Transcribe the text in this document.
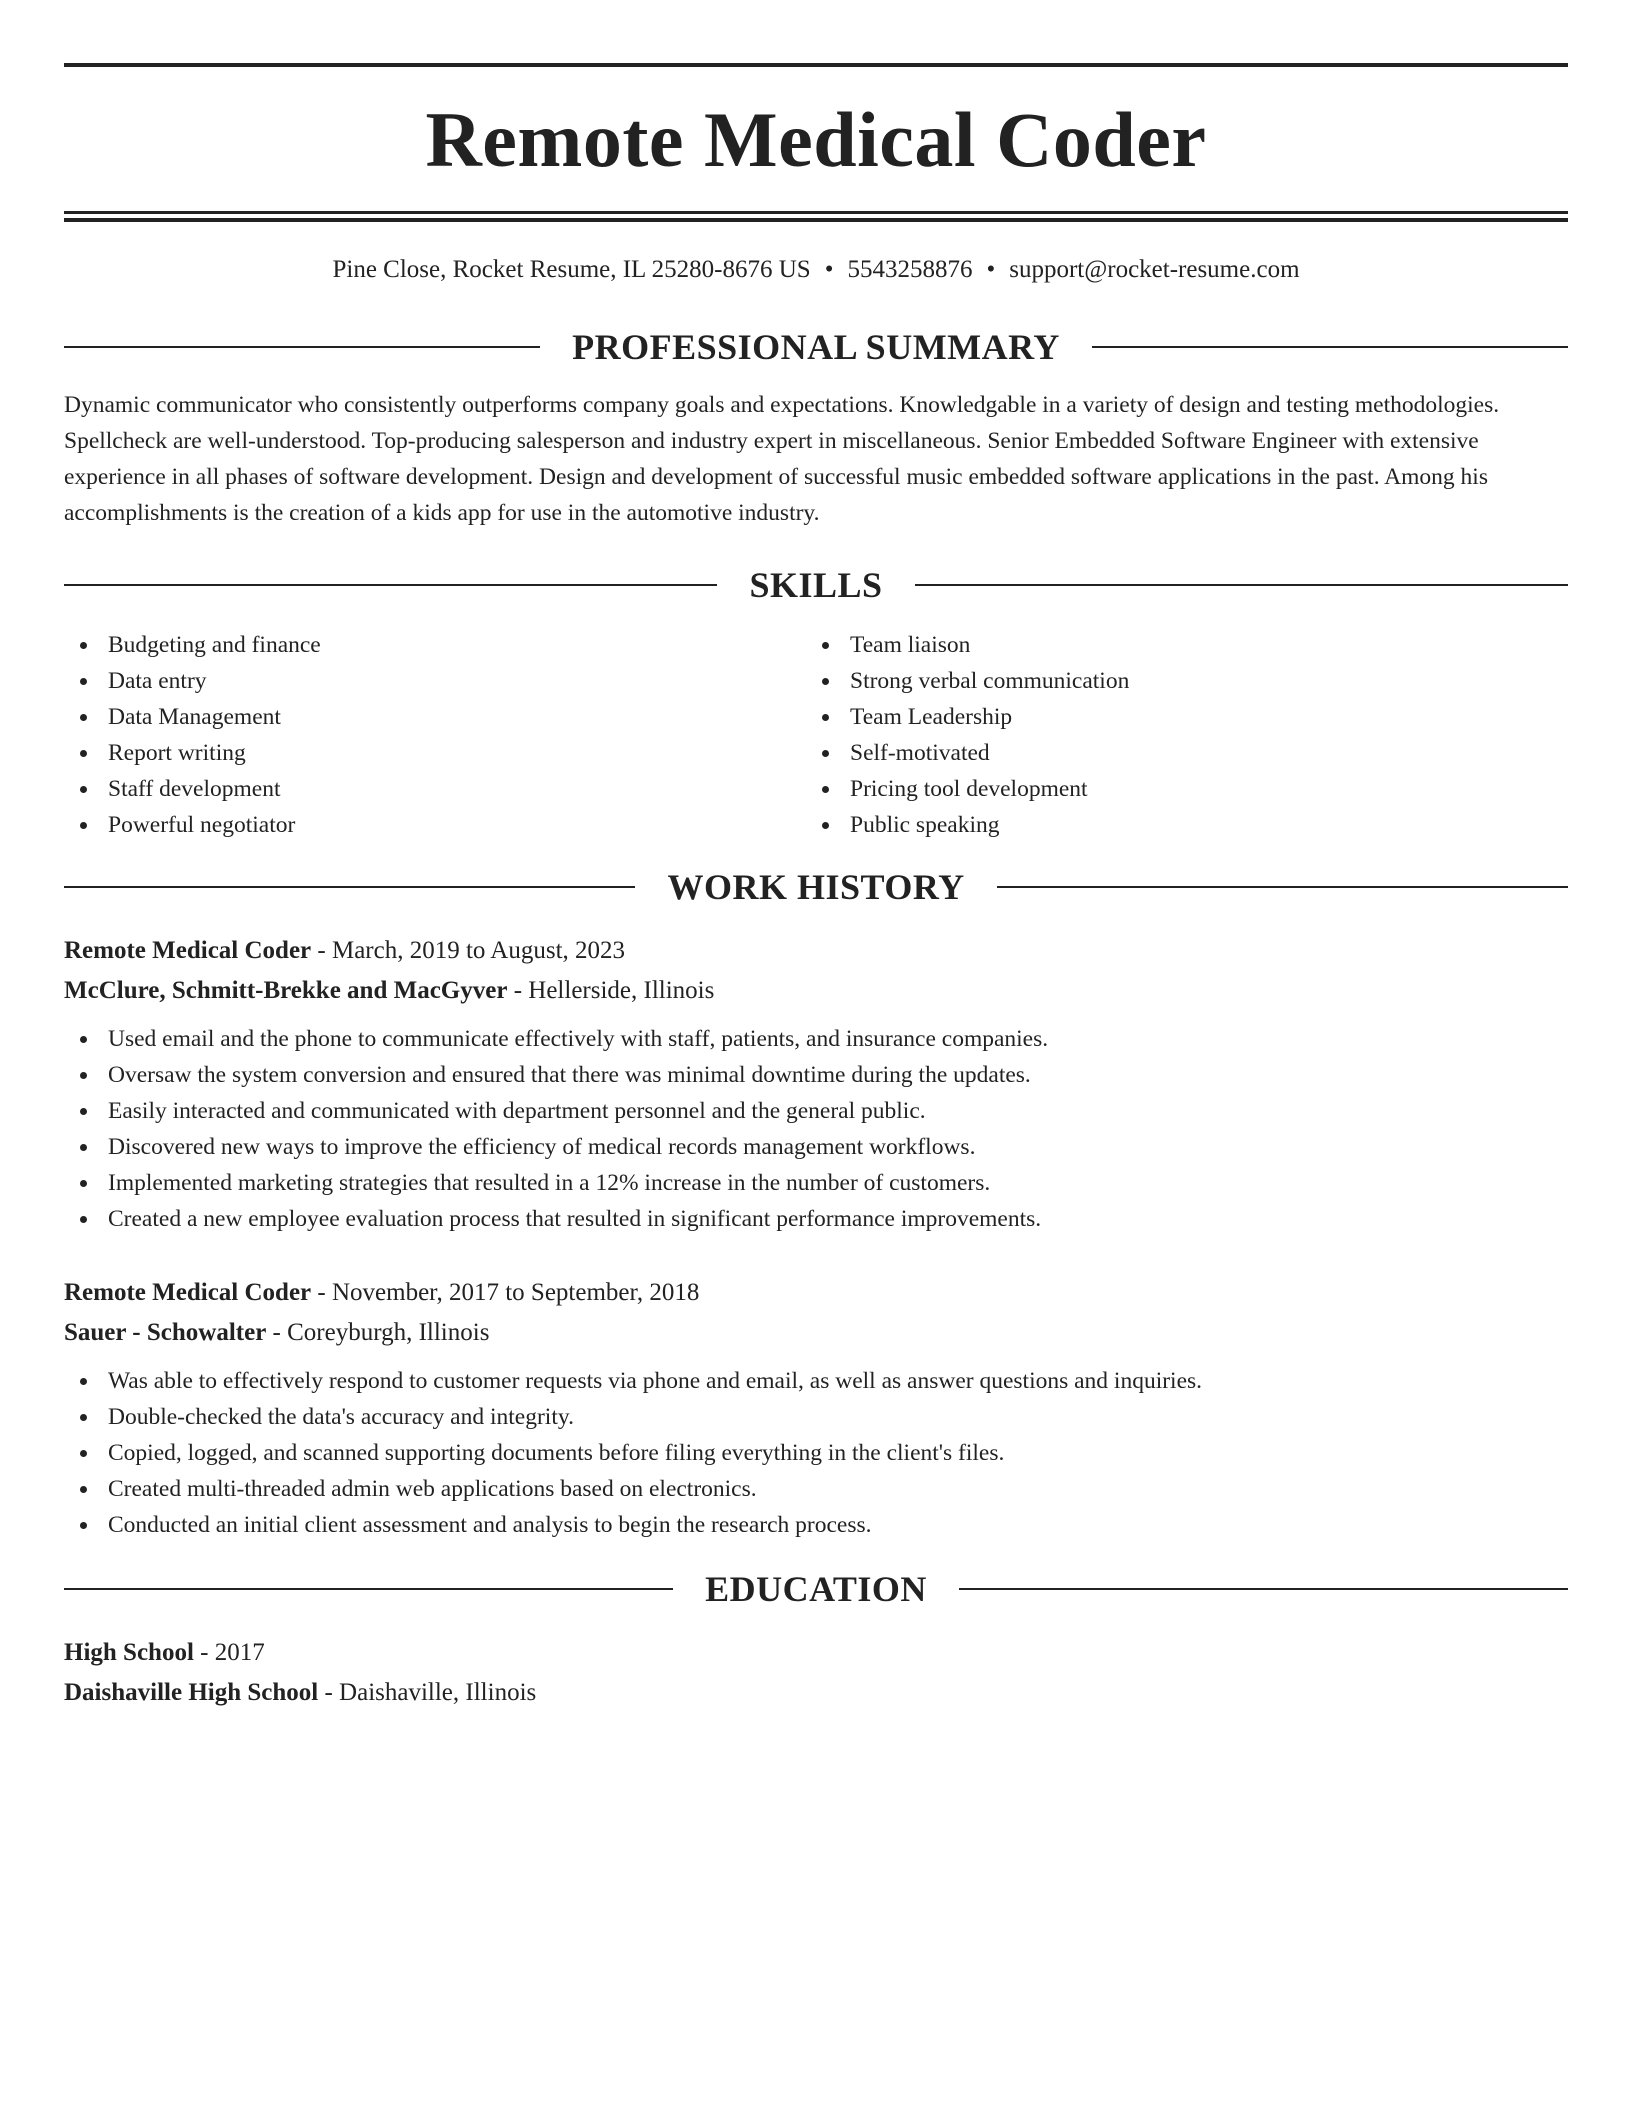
Remote Medical Coder
Pine Close, Rocket Resume, IL 25280-8676 US • 5543258876 • support@rocket-resume.com
PROFESSIONAL SUMMARY

Dynamic communicator who consistently outperforms company goals and expectations. Knowledgable in a variety of design and testing methodologies. Spellcheck are well-understood. Top-producing salesperson and industry expert in miscellaneous. Senior Embedded Software Engineer with extensive experience in all phases of software development. Design and development of successful music embedded software applications in the past. Among his accomplishments is the creation of a kids app for use in the automotive industry.

SKILLS
Budgeting and finance
Data entry
Data Management
Report writing
Staff development
Powerful negotiator
Team liaison
Strong verbal communication
Team Leadership
Self-motivated
Pricing tool development
Public speaking
WORK HISTORY
Remote Medical Coder - March, 2019 to August, 2023
McClure, Schmitt-Brekke and MacGyver - Hellerside, Illinois
Used email and the phone to communicate effectively with staff, patients, and insurance companies.
Oversaw the system conversion and ensured that there was minimal downtime during the updates.
Easily interacted and communicated with department personnel and the general public.
Discovered new ways to improve the efficiency of medical records management workflows.
Implemented marketing strategies that resulted in a 12% increase in the number of customers.
Created a new employee evaluation process that resulted in significant performance improvements.
Remote Medical Coder - November, 2017 to September, 2018
Sauer - Schowalter - Coreyburgh, Illinois
Was able to effectively respond to customer requests via phone and email, as well as answer questions and inquiries.
Double-checked the data's accuracy and integrity.
Copied, logged, and scanned supporting documents before filing everything in the client's files.
Created multi-threaded admin web applications based on electronics.
Conducted an initial client assessment and analysis to begin the research process.
EDUCATION
High School - 2017
Daishaville High School - Daishaville, Illinois
